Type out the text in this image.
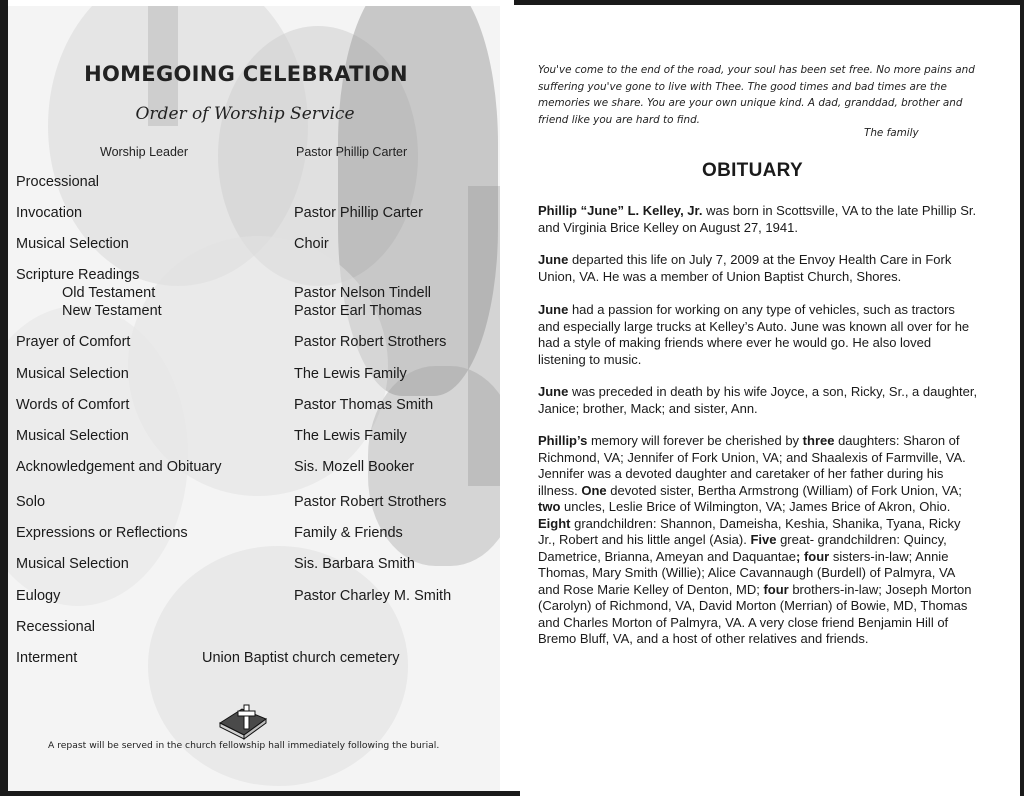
HOMEGOING CELEBRATION
Order of Worship Service
Worship Leader	Pastor Phillip Carter
Processional
Invocation	Pastor Phillip Carter
Musical Selection	Choir
Scripture Readings
Old Testament	Pastor Nelson Tindell
New Testament	Pastor Earl Thomas
Prayer of Comfort	Pastor Robert Strothers
Musical Selection	The Lewis Family
Words of Comfort	Pastor Thomas Smith
Musical Selection	The Lewis Family
Acknowledgement and Obituary	Sis. Mozell Booker
Solo	Pastor Robert Strothers
Expressions or Reflections	Family & Friends
Musical Selection	Sis. Barbara Smith
Eulogy	Pastor Charley M. Smith
Recessional
Interment	Union Baptist church cemetery
A repast will be served in the church fellowship hall immediately following the burial.
You've come to the end of the road, your soul has been set free. No more pains and suffering you've gone to live with Thee. The good times and bad times are the memories we share. You are your own unique kind. A dad, granddad, brother and friend like you are hard to find.
The family
OBITUARY
Phillip “June” L. Kelley, Jr. was born in Scottsville, VA to the late Phillip Sr. and Virginia Brice Kelley on August 27, 1941.
June departed this life on July 7, 2009 at the Envoy Health Care in Fork Union, VA. He was a member of Union Baptist Church, Shores.
June had a passion for working on any type of vehicles, such as tractors and especially large trucks at Kelley’s Auto. June was known all over for he had a style of making friends where ever he would go. He also loved listening to music.
June was preceded in death by his wife Joyce, a son, Ricky, Sr., a daughter, Janice; brother, Mack; and sister, Ann.
Phillip’s memory will forever be cherished by three daughters: Sharon of Richmond, VA; Jennifer of Fork Union, VA; and Shaalexis of Farmville, VA. Jennifer was a devoted daughter and caretaker of her father during his illness. One devoted sister, Bertha Armstrong (William) of Fork Union, VA; two uncles, Leslie Brice of Wilmington, VA; James Brice of Akron, Ohio. Eight grandchildren: Shannon, Dameisha, Keshia, Shanika, Tyana, Ricky Jr., Robert and his little angel (Asia). Five great- grandchildren: Quincy, Dametrice, Brianna, Ameyan and Daquantae; four sisters-in-law; Annie Thomas, Mary Smith (Willie); Alice Cavannaugh (Burdell) of Palmyra, VA and Rose Marie Kelley of Denton, MD; four brothers-in-law; Joseph Morton (Carolyn) of Richmond, VA, David Morton (Merrian) of Bowie, MD, Thomas and Charles Morton of Palmyra, VA. A very close friend Benjamin Hill of Bremo Bluff, VA, and a host of other relatives and friends.
